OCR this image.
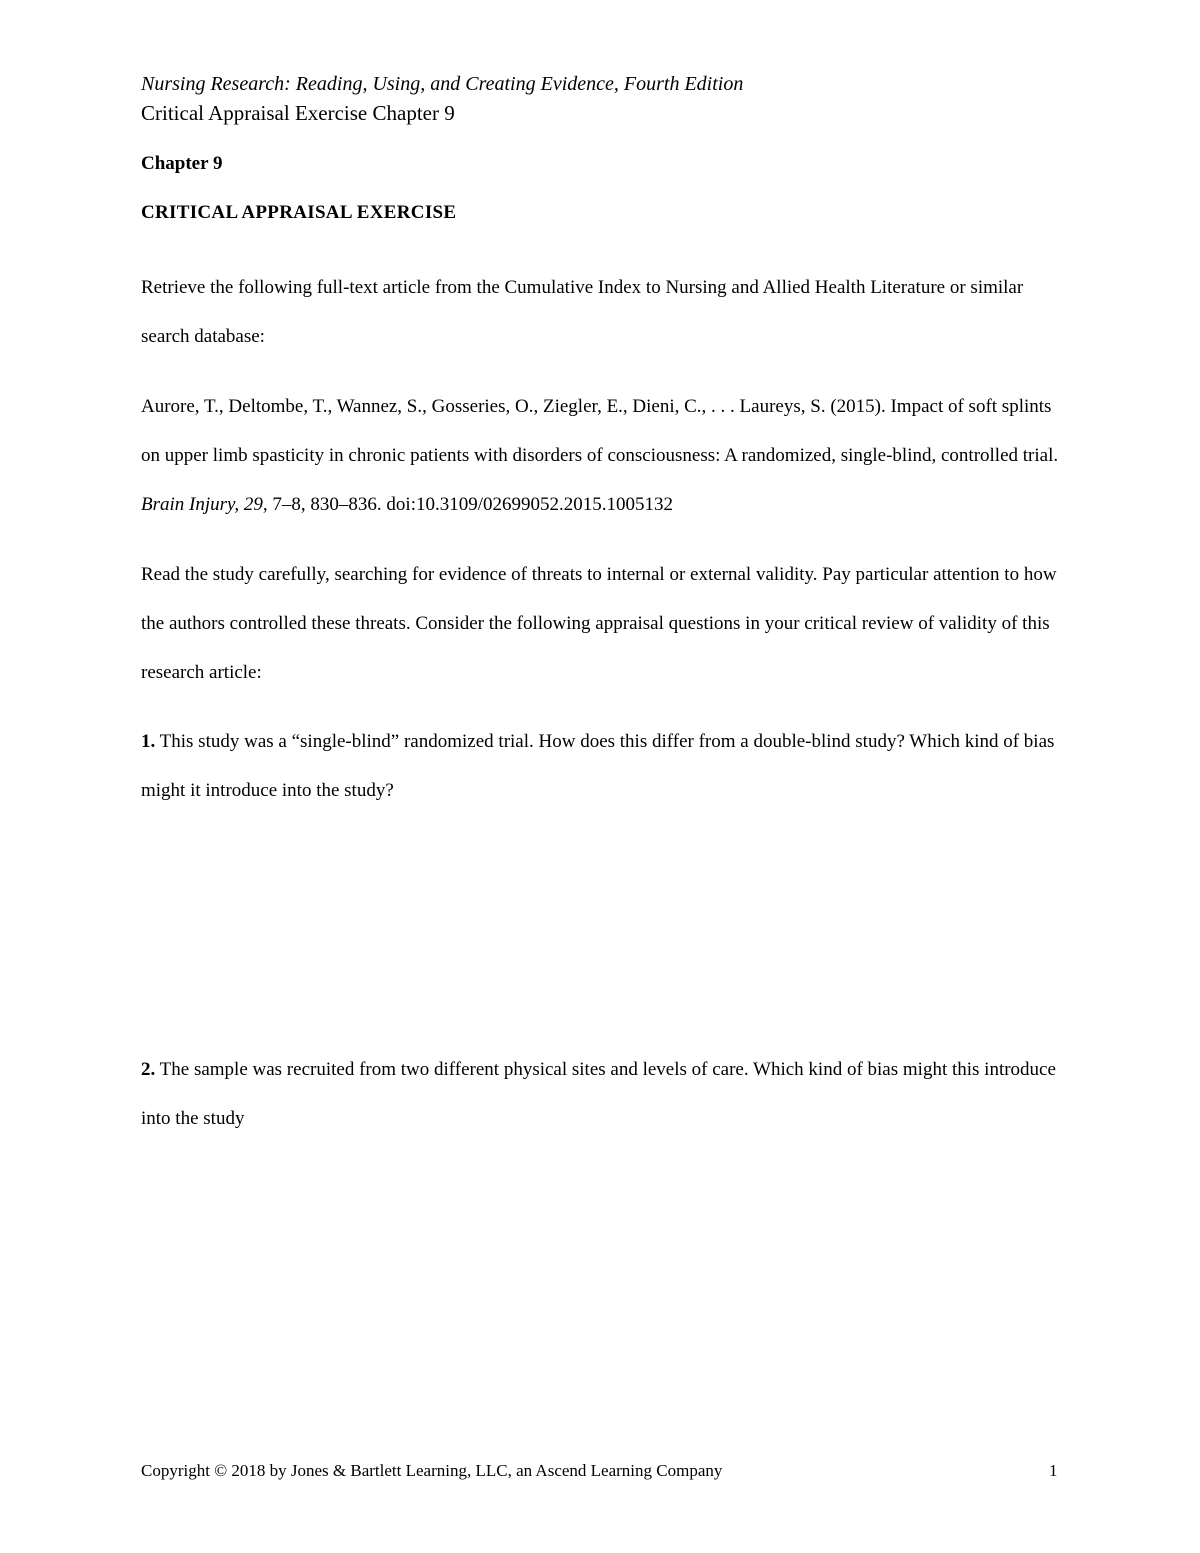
Nursing Research: Reading, Using, and Creating Evidence, Fourth Edition
Critical Appraisal Exercise Chapter 9
Chapter 9
CRITICAL APPRAISAL EXERCISE

Retrieve the following full-text article from the Cumulative Index to Nursing and Allied Health Literature or similar search database:

Aurore, T., Deltombe, T., Wannez, S., Gosseries, O., Ziegler, E., Dieni, C., . . . Laureys, S. (2015). Impact of soft splints on upper limb spasticity in chronic patients with disorders of consciousness: A randomized, single-blind, controlled trial. Brain Injury, 29, 7–8, 830–836. doi:10.3109/02699052.2015.1005132

Read the study carefully, searching for evidence of threats to internal or external validity. Pay particular attention to how the authors controlled these threats. Consider the following appraisal questions in your critical review of validity of this research article:

1. This study was a “single-blind” randomized trial. How does this differ from a double-blind study? Which kind of bias might it introduce into the study?

2. The sample was recruited from two different physical sites and levels of care. Which kind of bias might this introduce into the study

Copyright © 2018 by Jones & Bartlett Learning, LLC, an Ascend Learning Company	1
